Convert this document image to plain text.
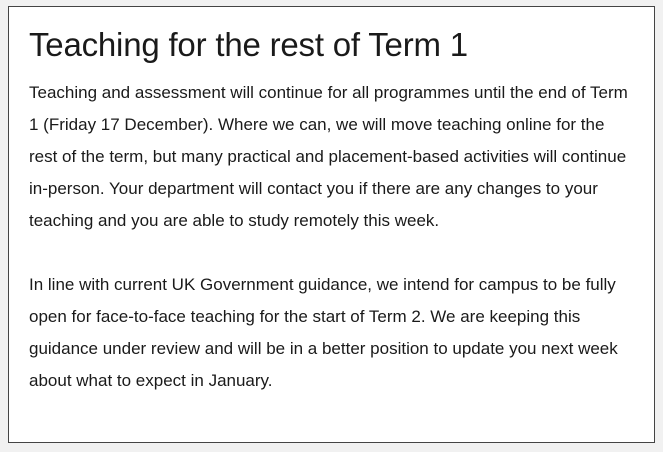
Teaching for the rest of Term 1

Teaching and assessment will continue for all programmes until the end of Term 1 (Friday 17 December). Where we can, we will move teaching online for the rest of the term, but many practical and placement-based activities will continue in-person. Your department will contact you if there are any changes to your teaching and you are able to study remotely this week.

In line with current UK Government guidance, we intend for campus to be fully open for face-to-face teaching for the start of Term 2. We are keeping this guidance under review and will be in a better position to update you next week about what to expect in January.
